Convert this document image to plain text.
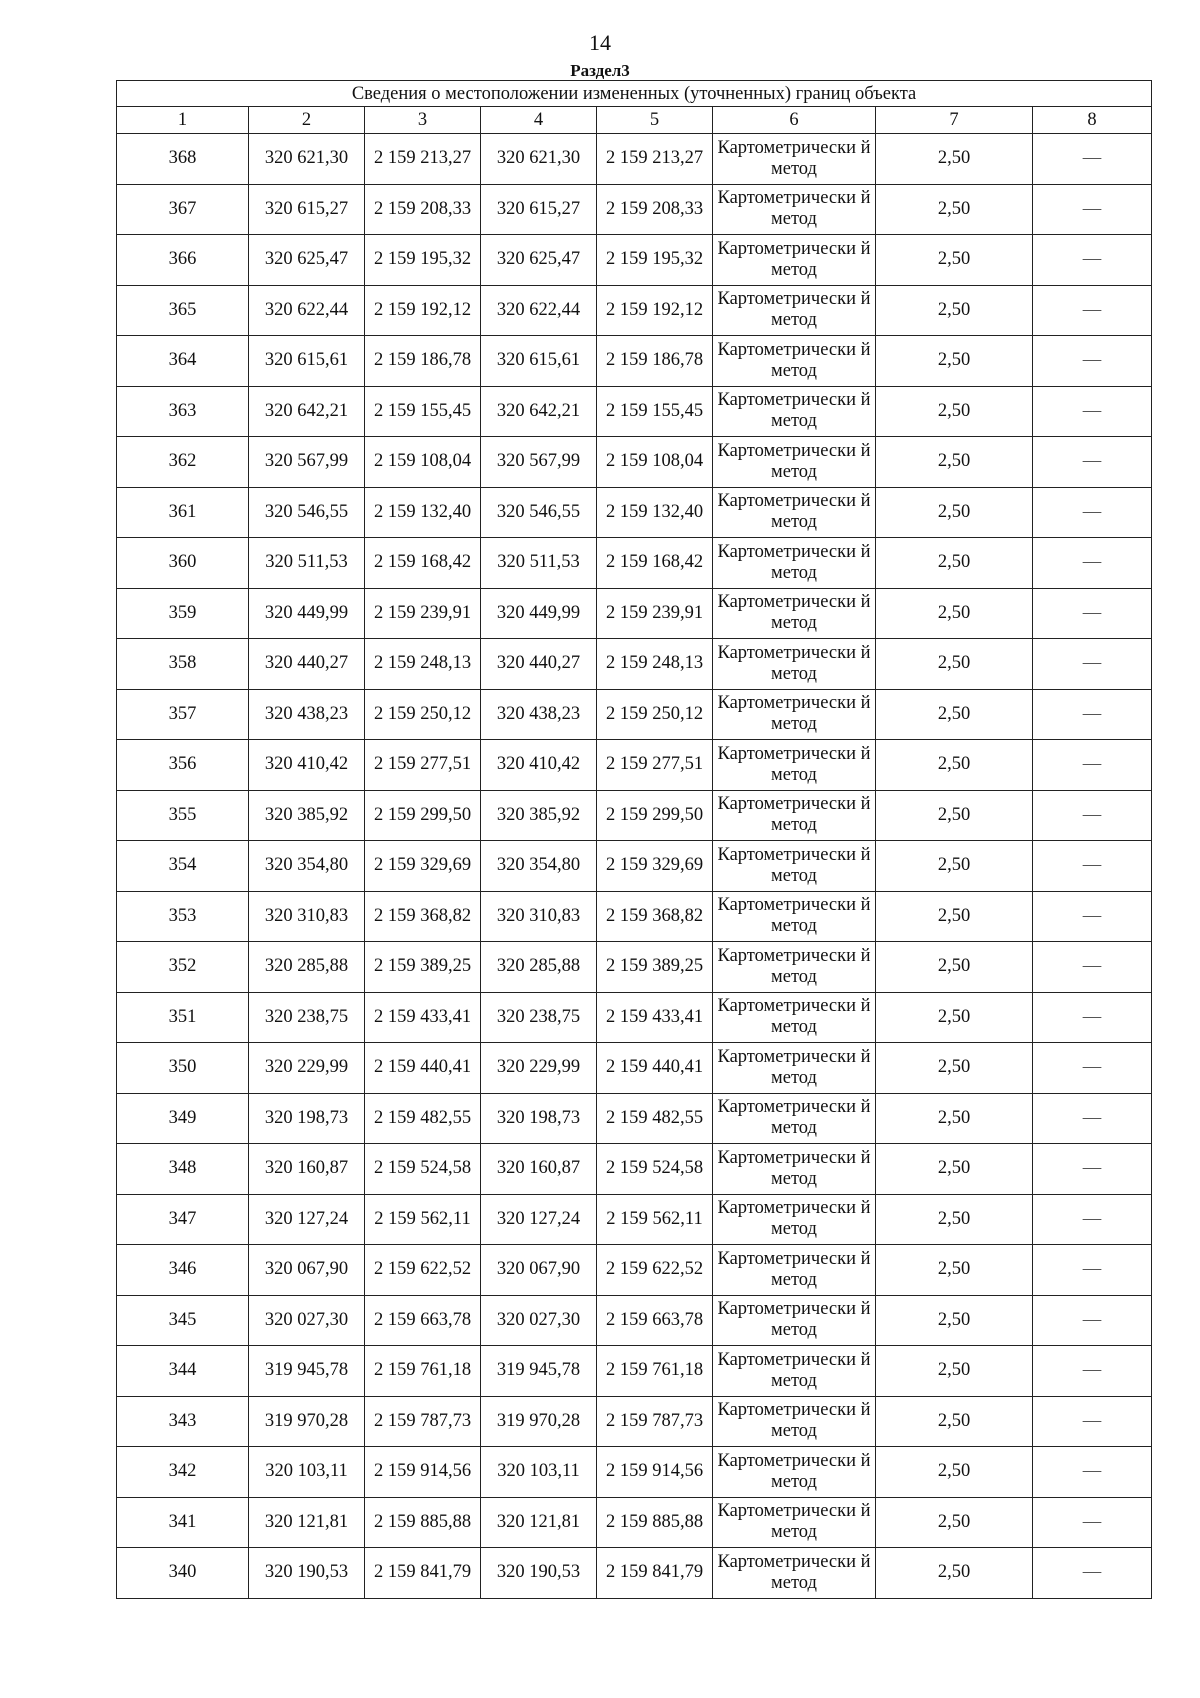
14
Раздел3
Сведения о местоположении измененных (уточненных) границ объекта							
1	2	3	4	5	6	7	8
368	320 621,30	2 159 213,27	320 621,30	2 159 213,27	Картометрически й метод	2,50	—
367	320 615,27	2 159 208,33	320 615,27	2 159 208,33	Картометрически й метод	2,50	—
366	320 625,47	2 159 195,32	320 625,47	2 159 195,32	Картометрически й метод	2,50	—
365	320 622,44	2 159 192,12	320 622,44	2 159 192,12	Картометрически й метод	2,50	—
364	320 615,61	2 159 186,78	320 615,61	2 159 186,78	Картометрически й метод	2,50	—
363	320 642,21	2 159 155,45	320 642,21	2 159 155,45	Картометрически й метод	2,50	—
362	320 567,99	2 159 108,04	320 567,99	2 159 108,04	Картометрически й метод	2,50	—
361	320 546,55	2 159 132,40	320 546,55	2 159 132,40	Картометрически й метод	2,50	—
360	320 511,53	2 159 168,42	320 511,53	2 159 168,42	Картометрически й метод	2,50	—
359	320 449,99	2 159 239,91	320 449,99	2 159 239,91	Картометрически й метод	2,50	—
358	320 440,27	2 159 248,13	320 440,27	2 159 248,13	Картометрически й метод	2,50	—
357	320 438,23	2 159 250,12	320 438,23	2 159 250,12	Картометрически й метод	2,50	—
356	320 410,42	2 159 277,51	320 410,42	2 159 277,51	Картометрически й метод	2,50	—
355	320 385,92	2 159 299,50	320 385,92	2 159 299,50	Картометрически й метод	2,50	—
354	320 354,80	2 159 329,69	320 354,80	2 159 329,69	Картометрически й метод	2,50	—
353	320 310,83	2 159 368,82	320 310,83	2 159 368,82	Картометрически й метод	2,50	—
352	320 285,88	2 159 389,25	320 285,88	2 159 389,25	Картометрически й метод	2,50	—
351	320 238,75	2 159 433,41	320 238,75	2 159 433,41	Картометрически й метод	2,50	—
350	320 229,99	2 159 440,41	320 229,99	2 159 440,41	Картометрически й метод	2,50	—
349	320 198,73	2 159 482,55	320 198,73	2 159 482,55	Картометрически й метод	2,50	—
348	320 160,87	2 159 524,58	320 160,87	2 159 524,58	Картометрически й метод	2,50	—
347	320 127,24	2 159 562,11	320 127,24	2 159 562,11	Картометрически й метод	2,50	—
346	320 067,90	2 159 622,52	320 067,90	2 159 622,52	Картометрически й метод	2,50	—
345	320 027,30	2 159 663,78	320 027,30	2 159 663,78	Картометрически й метод	2,50	—
344	319 945,78	2 159 761,18	319 945,78	2 159 761,18	Картометрически й метод	2,50	—
343	319 970,28	2 159 787,73	319 970,28	2 159 787,73	Картометрически й метод	2,50	—
342	320 103,11	2 159 914,56	320 103,11	2 159 914,56	Картометрически й метод	2,50	—
341	320 121,81	2 159 885,88	320 121,81	2 159 885,88	Картометрически й метод	2,50	—
340	320 190,53	2 159 841,79	320 190,53	2 159 841,79	Картометрически й метод	2,50	—
